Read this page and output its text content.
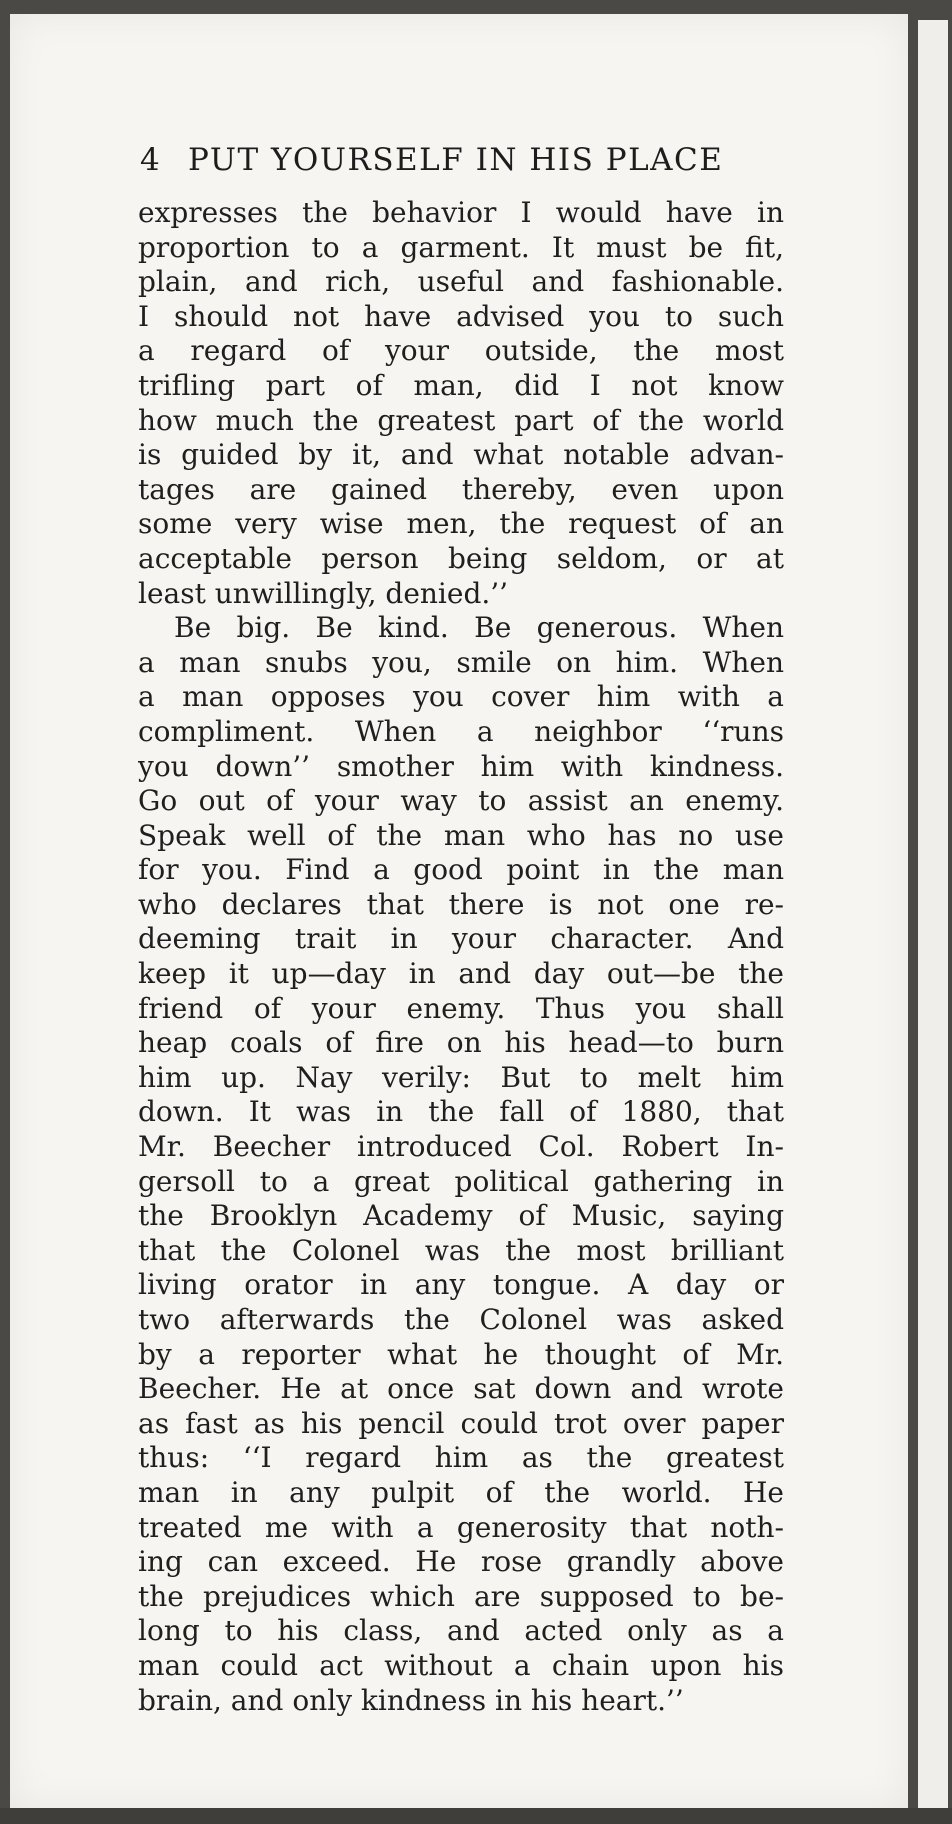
4 PUT YOURSELF IN HIS PLACE
expresses the behavior I would have in
proportion to a garment. It must be fit,
plain, and rich, useful and fashionable.
I should not have advised you to such
a regard of your outside, the most
trifling part of man, did I not know
how much the greatest part of the world
is guided by it, and what notable advan-
tages are gained thereby, even upon
some very wise men, the request of an
acceptable person being seldom, or at
least unwillingly, denied.’’
Be big. Be kind. Be generous. When
a man snubs you, smile on him. When
a man opposes you cover him with a
compliment. When a neighbor ‘‘runs
you down’’ smother him with kindness.
Go out of your way to assist an enemy.
Speak well of the man who has no use
for you. Find a good point in the man
who declares that there is not one re-
deeming trait in your character. And
keep it up—day in and day out—be the
friend of your enemy. Thus you shall
heap coals of fire on his head—to burn
him up. Nay verily: But to melt him
down. It was in the fall of 1880, that
Mr. Beecher introduced Col. Robert In-
gersoll to a great political gathering in
the Brooklyn Academy of Music, saying
that the Colonel was the most brilliant
living orator in any tongue. A day or
two afterwards the Colonel was asked
by a reporter what he thought of Mr.
Beecher. He at once sat down and wrote
as fast as his pencil could trot over paper
thus: ‘‘I regard him as the greatest
man in any pulpit of the world. He
treated me with a generosity that noth-
ing can exceed. He rose grandly above
the prejudices which are supposed to be-
long to his class, and acted only as a
man could act without a chain upon his
brain, and only kindness in his heart.’’
